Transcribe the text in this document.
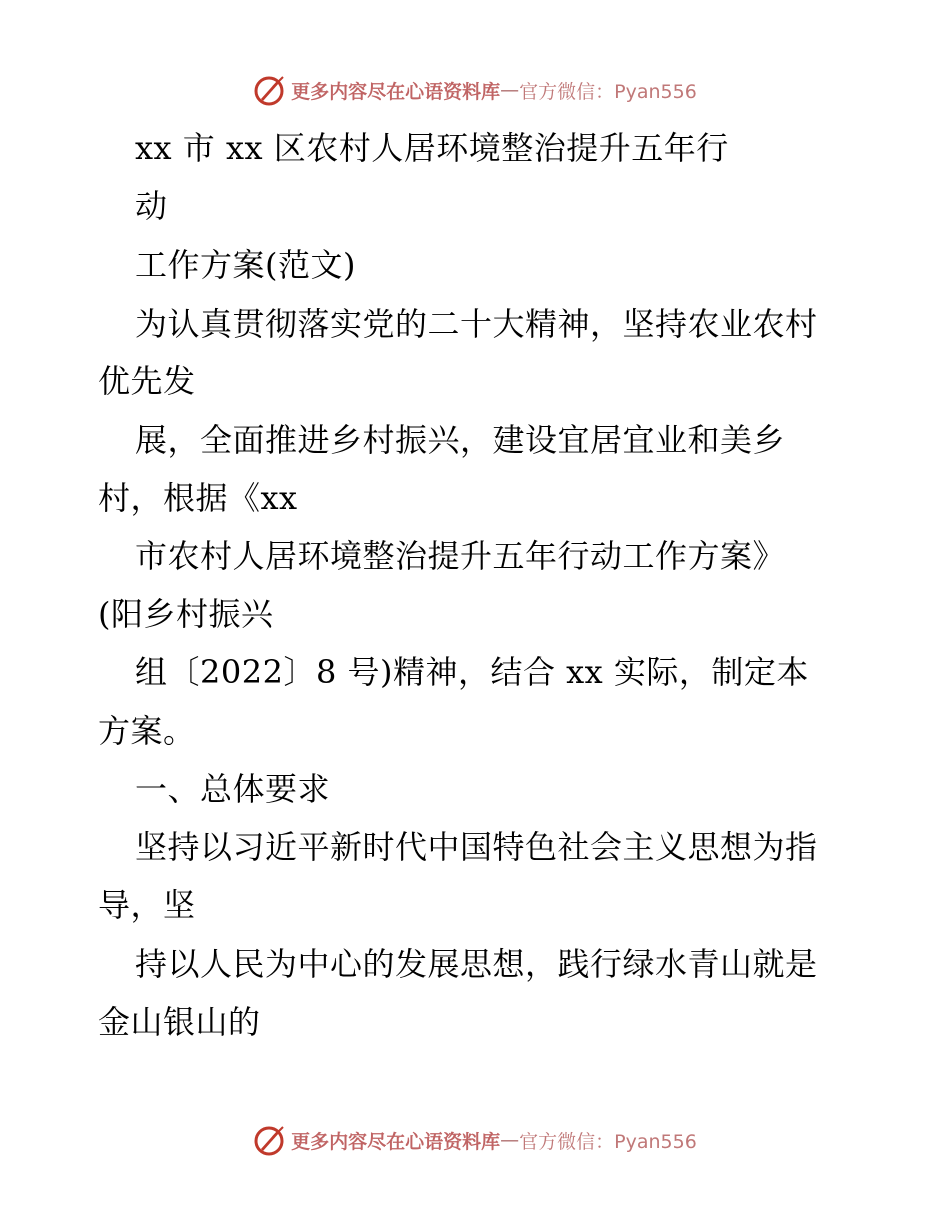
更多内容尽在心语资料库 — 官方微信：Pyan556
xx 市 xx 区农村人居环境整治提升五年行
动
工作方案(范文)
为认真贯彻落实党的二十大精神，坚持农业农村
优先发
展，全面推进乡村振兴，建设宜居宜业和美乡
村，根据《xx
市农村人居环境整治提升五年行动工作方案》
(阳乡村振兴
组〔2022〕8 号)精神，结合 xx 实际，制定本
方案。
一、总体要求
坚持以习近平新时代中国特色社会主义思想为指
导，坚
持以人民为中心的发展思想，践行绿水青山就是
金山银山的
更多内容尽在心语资料库 — 官方微信：Pyan556
